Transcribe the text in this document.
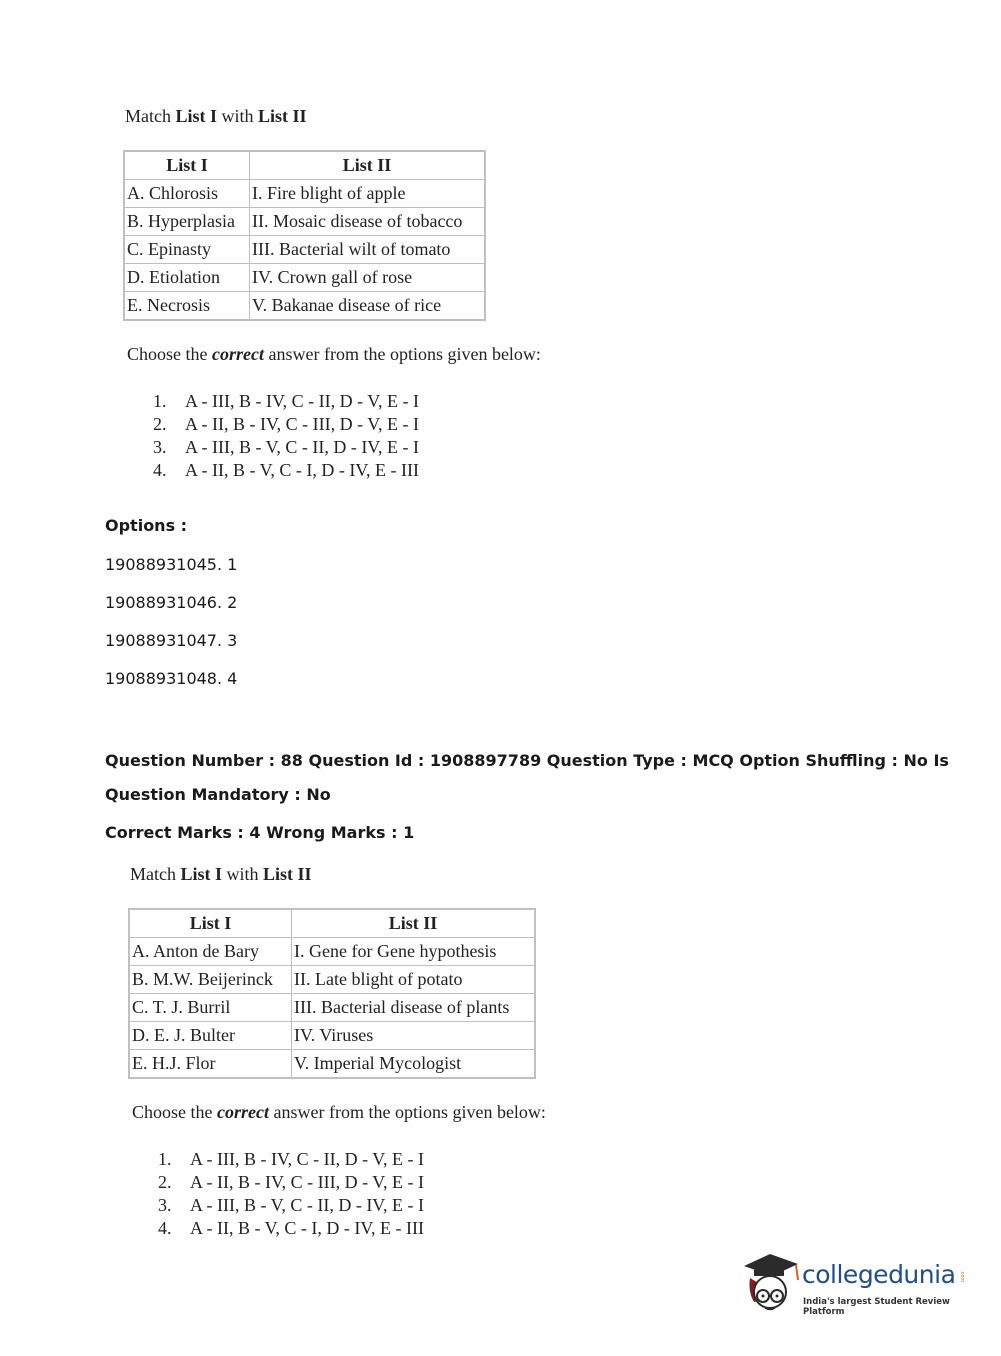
Match List I with List II
List I	List II
A. Chlorosis	I. Fire blight of apple
B. Hyperplasia	II. Mosaic disease of tobacco
C. Epinasty	III. Bacterial wilt of tomato
D. Etiolation	IV. Crown gall of rose
E. Necrosis	V. Bakanae disease of rice
Choose the correct answer from the options given below:
1. A - III, B - IV, C - II, D - V, E - I
2. A - II, B - IV, C - III, D - V, E - I
3. A - III, B - V, C - II, D - IV, E - I
4. A - II, B - V, C - I, D - IV, E - III
Options :
19088931045. 1
19088931046. 2
19088931047. 3
19088931048. 4
Question Number : 88 Question Id : 1908897789 Question Type : MCQ Option Shuffling : No Is
Question Mandatory : No
Correct Marks : 4 Wrong Marks : 1
Match List I with List II
List I	List II
A. Anton de Bary	I. Gene for Gene hypothesis
B. M.W. Beijerinck	II. Late blight of potato
C. T. J. Burril	III. Bacterial disease of plants
D. E. J. Bulter	IV. Viruses
E. H.J. Flor	V. Imperial Mycologist
Choose the correct answer from the options given below:
1. A - III, B - IV, C - II, D - V, E - I
2. A - II, B - IV, C - III, D - V, E - I
3. A - III, B - V, C - II, D - IV, E - I
4. A - II, B - V, C - I, D - IV, E - III
collegedunia .com
India's largest Student Review Platform
